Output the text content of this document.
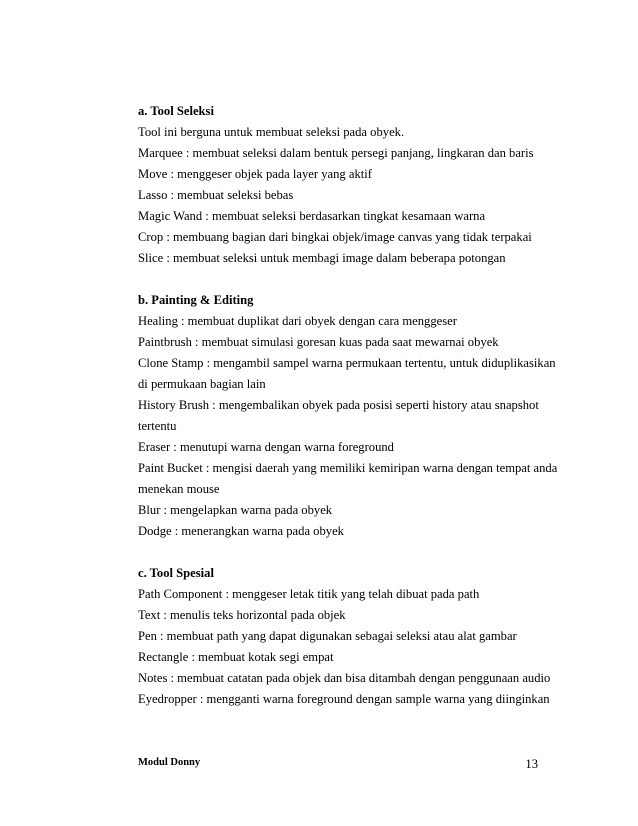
a. Tool Seleksi

Tool ini berguna untuk membuat seleksi pada obyek.

Marquee : membuat seleksi dalam bentuk persegi panjang, lingkaran dan baris

Move : menggeser objek pada layer yang aktif

Lasso : membuat seleksi bebas

Magic Wand : membuat seleksi berdasarkan tingkat kesamaan warna

Crop : membuang bagian dari bingkai objek/image canvas yang tidak terpakai

Slice : membuat seleksi untuk membagi image dalam beberapa potongan

b. Painting & Editing

Healing : membuat duplikat dari obyek dengan cara menggeser

Paintbrush : membuat simulasi goresan kuas pada saat mewarnai obyek

Clone Stamp : mengambil sampel warna permukaan tertentu, untuk diduplikasikan

di permukaan bagian lain

History Brush : mengembalikan obyek pada posisi seperti history atau snapshot

tertentu

Eraser : menutupi warna dengan warna foreground

Paint Bucket : mengisi daerah yang memiliki kemiripan warna dengan tempat anda

menekan mouse

Blur : mengelapkan warna pada obyek

Dodge : menerangkan warna pada obyek

c. Tool Spesial

Path Component : menggeser letak titik yang telah dibuat pada path

Text : menulis teks horizontal pada objek

Pen : membuat path yang dapat digunakan sebagai seleksi atau alat gambar

Rectangle : membuat kotak segi empat

Notes : membuat catatan pada objek dan bisa ditambah dengan penggunaan audio

Eyedropper : mengganti warna foreground dengan sample warna yang diinginkan

Modul Donny	13
